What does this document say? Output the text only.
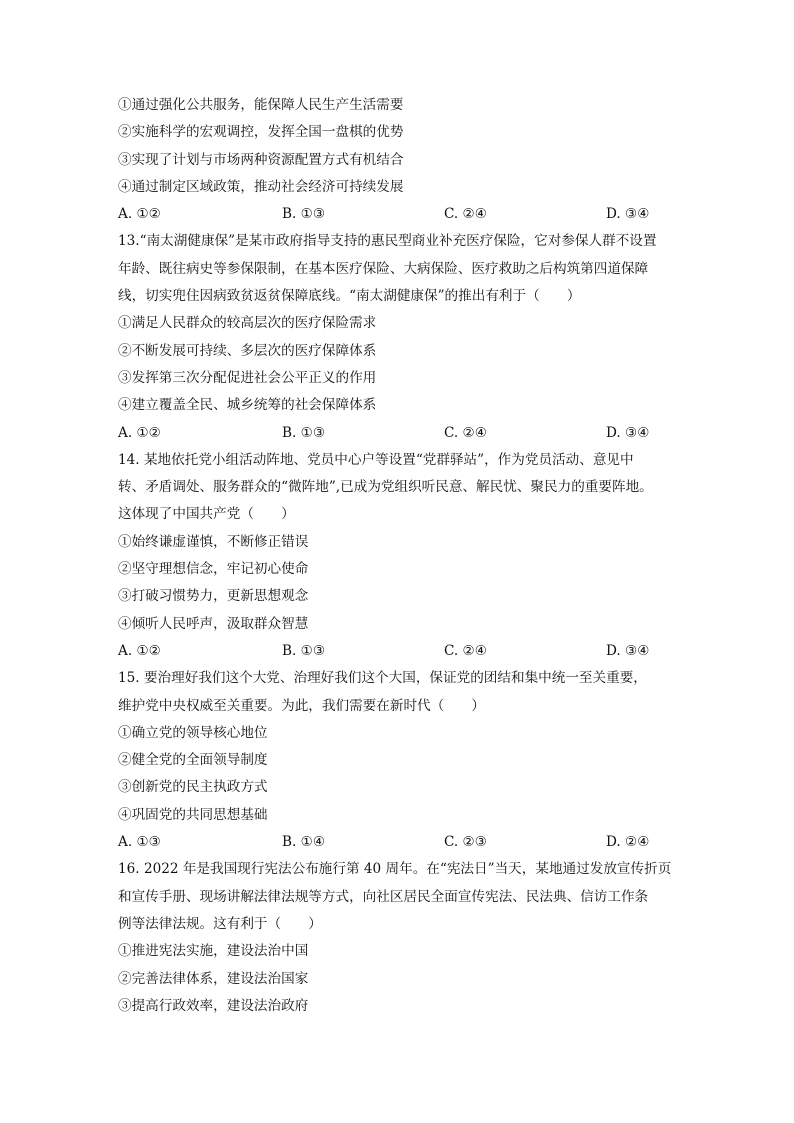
①通过强化公共服务，能保障人民生产生活需要
②实施科学的宏观调控，发挥全国一盘棋的优势
③实现了计划与市场两种资源配置方式有机结合
④通过制定区域政策，推动社会经济可持续发展
A. ①②	B. ①③	C. ②④	D. ③④
13.“南太湖健康保”是某市政府指导支持的惠民型商业补充医疗保险，它对参保人群不设置
年龄、既往病史等参保限制，在基本医疗保险、大病保险、医疗救助之后构筑第四道保障
线，切实兜住因病致贫返贫保障底线。“南太湖健康保”的推出有利于（　　）
①满足人民群众的较高层次的医疗保险需求
②不断发展可持续、多层次的医疗保障体系
③发挥第三次分配促进社会公平正义的作用
④建立覆盖全民、城乡统筹的社会保障体系
A. ①②	B. ①③	C. ②④	D. ③④
14. 某地依托党小组活动阵地、党员中心户等设置“党群驿站”，作为党员活动、意见中
转、矛盾调处、服务群众的“微阵地”,已成为党组织听民意、解民忧、聚民力的重要阵地。
这体现了中国共产党（　　）
①始终谦虚谨慎，不断修正错误
②坚守理想信念，牢记初心使命
③打破习惯势力，更新思想观念
④倾听人民呼声，汲取群众智慧
A. ①②	B. ①③	C. ②④	D. ③④
15. 要治理好我们这个大党、治理好我们这个大国，保证党的团结和集中统一至关重要，
维护党中央权威至关重要。为此，我们需要在新时代（　　）
①确立党的领导核心地位
②健全党的全面领导制度
③创新党的民主执政方式
④巩固党的共同思想基础
A. ①③	B. ①④	C. ②③	D. ②④
16. 2022 年是我国现行宪法公布施行第 40 周年。在“宪法日”当天，某地通过发放宣传折页
和宣传手册、现场讲解法律法规等方式，向社区居民全面宣传宪法、民法典、信访工作条
例等法律法规。这有利于（　　）
①推进宪法实施，建设法治中国
②完善法律体系，建设法治国家
③提高行政效率，建设法治政府
